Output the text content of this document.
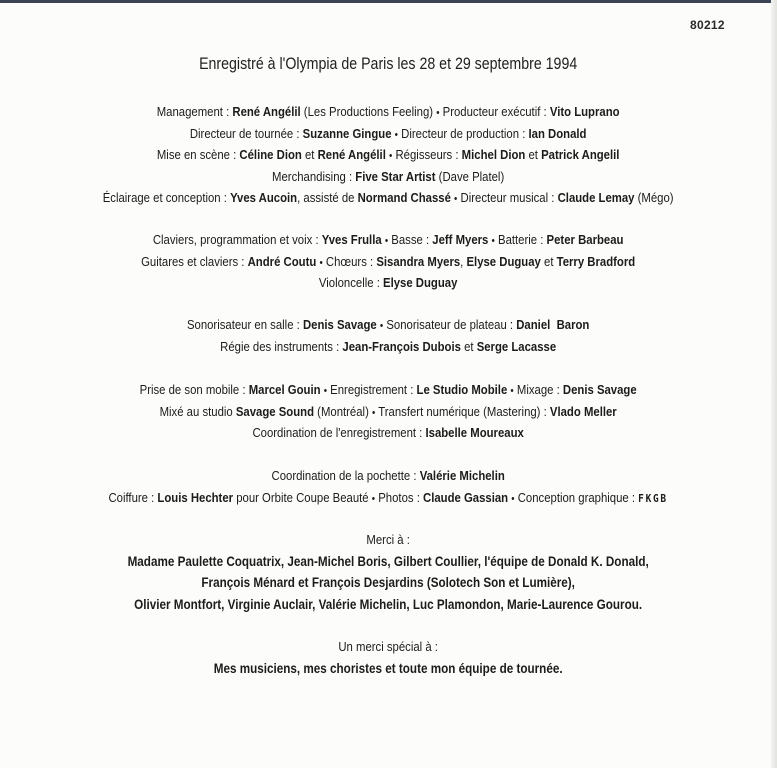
80212
Enregistré à l'Olympia de Paris les 28 et 29 septembre 1994
Management : René Angélil (Les Productions Feeling) • Producteur exécutif : Vito Luprano
Directeur de tournée : Suzanne Gingue • Directeur de production : Ian Donald
Mise en scène : Céline Dion et René Angélil • Régisseurs : Michel Dion et Patrick Angelil
Merchandising : Five Star Artist (Dave Platel)
Éclairage et conception : Yves Aucoin, assisté de Normand Chassé • Directeur musical : Claude Lemay (Mégo)
Claviers, programmation et voix : Yves Frulla • Basse : Jeff Myers • Batterie : Peter Barbeau
Guitares et claviers : André Coutu • Chœurs : Sisandra Myers, Elyse Duguay et Terry Bradford
Violoncelle : Elyse Duguay
Sonorisateur en salle : Denis Savage • Sonorisateur de plateau : Daniel  Baron
Régie des instruments : Jean-François Dubois et Serge Lacasse
Prise de son mobile : Marcel Gouin • Enregistrement : Le Studio Mobile • Mixage : Denis Savage
Mixé au studio Savage Sound (Montréal) • Transfert numérique (Mastering) : Vlado Meller
Coordination de l'enregistrement : Isabelle Moureaux
Coordination de la pochette : Valérie Michelin
Coiffure : Louis Hechter pour Orbite Coupe Beauté • Photos : Claude Gassian • Conception graphique : FKGB
Merci à :
Madame Paulette Coquatrix, Jean-Michel Boris, Gilbert Coullier, l'équipe de Donald K. Donald,
François Ménard et François Desjardins (Solotech Son et Lumière),
Olivier Montfort, Virginie Auclair, Valérie Michelin, Luc Plamondon, Marie-Laurence Gourou.
Un merci spécial à :
Mes musiciens, mes choristes et toute mon équipe de tournée.
